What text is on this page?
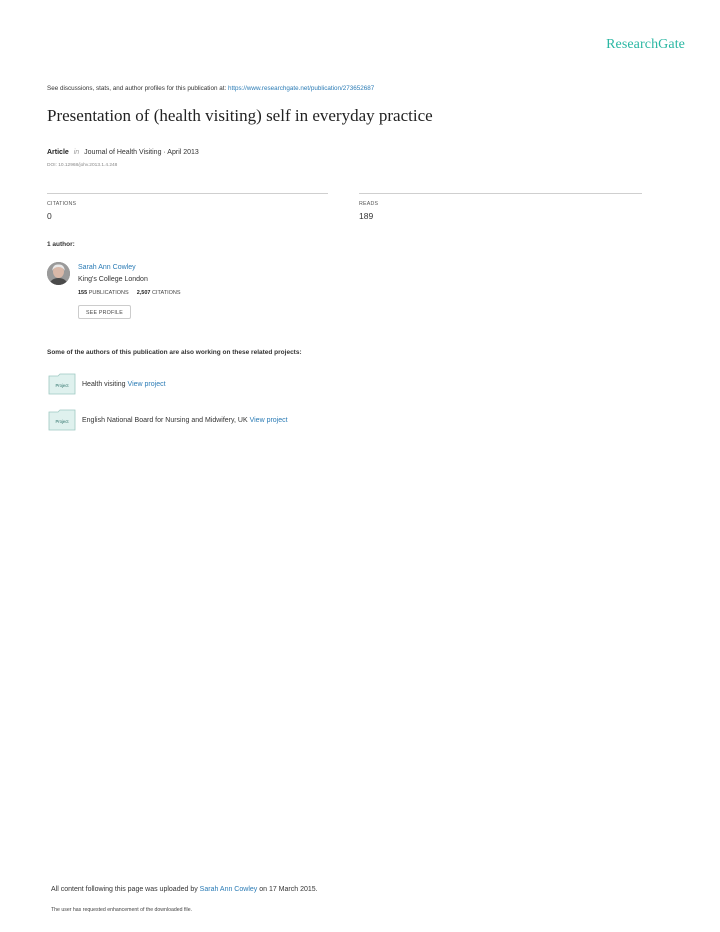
ResearchGate
See discussions, stats, and author profiles for this publication at: https://www.researchgate.net/publication/273652687
Presentation of (health visiting) self in everyday practice
Article in Journal of Health Visiting · April 2013
DOI: 10.12968/johv.2013.1.4.248
CITATIONS
0
READS
189
1 author:
Sarah Ann Cowley
King's College London
155 PUBLICATIONS 2,507 CITATIONS
SEE PROFILE
Some of the authors of this publication are also working on these related projects:
Project Health visiting View project
Project English National Board for Nursing and Midwifery, UK View project
All content following this page was uploaded by Sarah Ann Cowley on 17 March 2015.
The user has requested enhancement of the downloaded file.
